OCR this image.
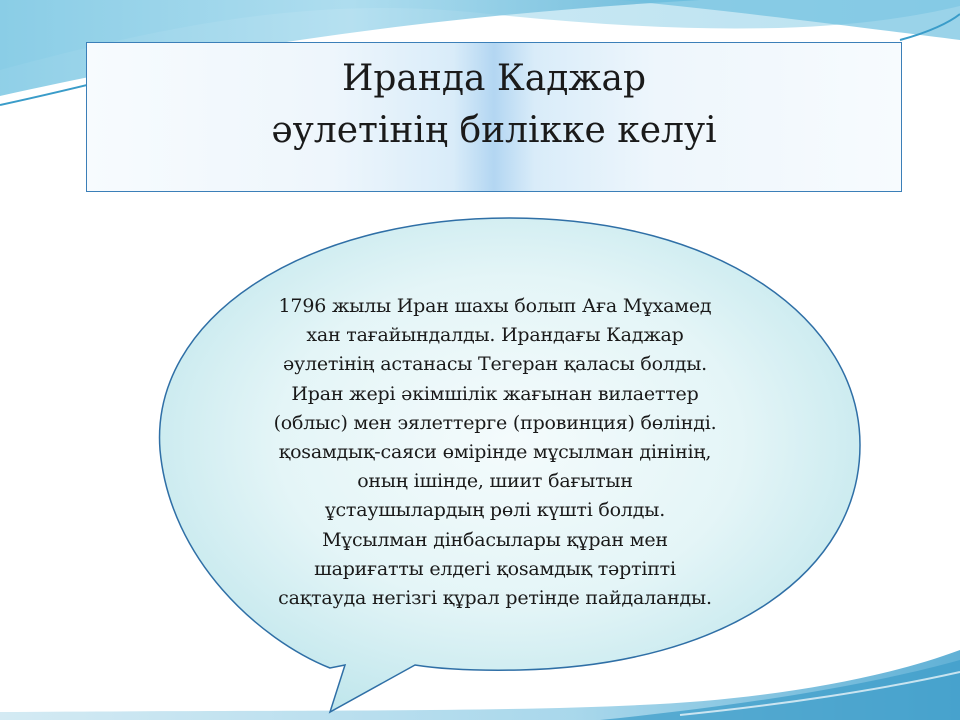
Иранда Каджар
әулетінің билікке келуі
1796 жылы Иран шахы болып Аға Мұхамед
хан тағайындалды. Ирандағы Каджар
әулетінің астанасы Тегеран қаласы болды.
Иран жері әкімшілік жағынан вилаеттер
(облыс) мен эялеттерге (провинция) бөлінді.
қоsамдық-саяси өмірінде мұсылман дінінің,
оның ішінде, шиит бағытын
ұстаушылардың рөлі күшті болды.
Мұсылман дінбасылары құран мен
шариғатты елдегі қоsамдық тәртіпті
сақтауда негізгі құрал ретінде пайдаланды.
